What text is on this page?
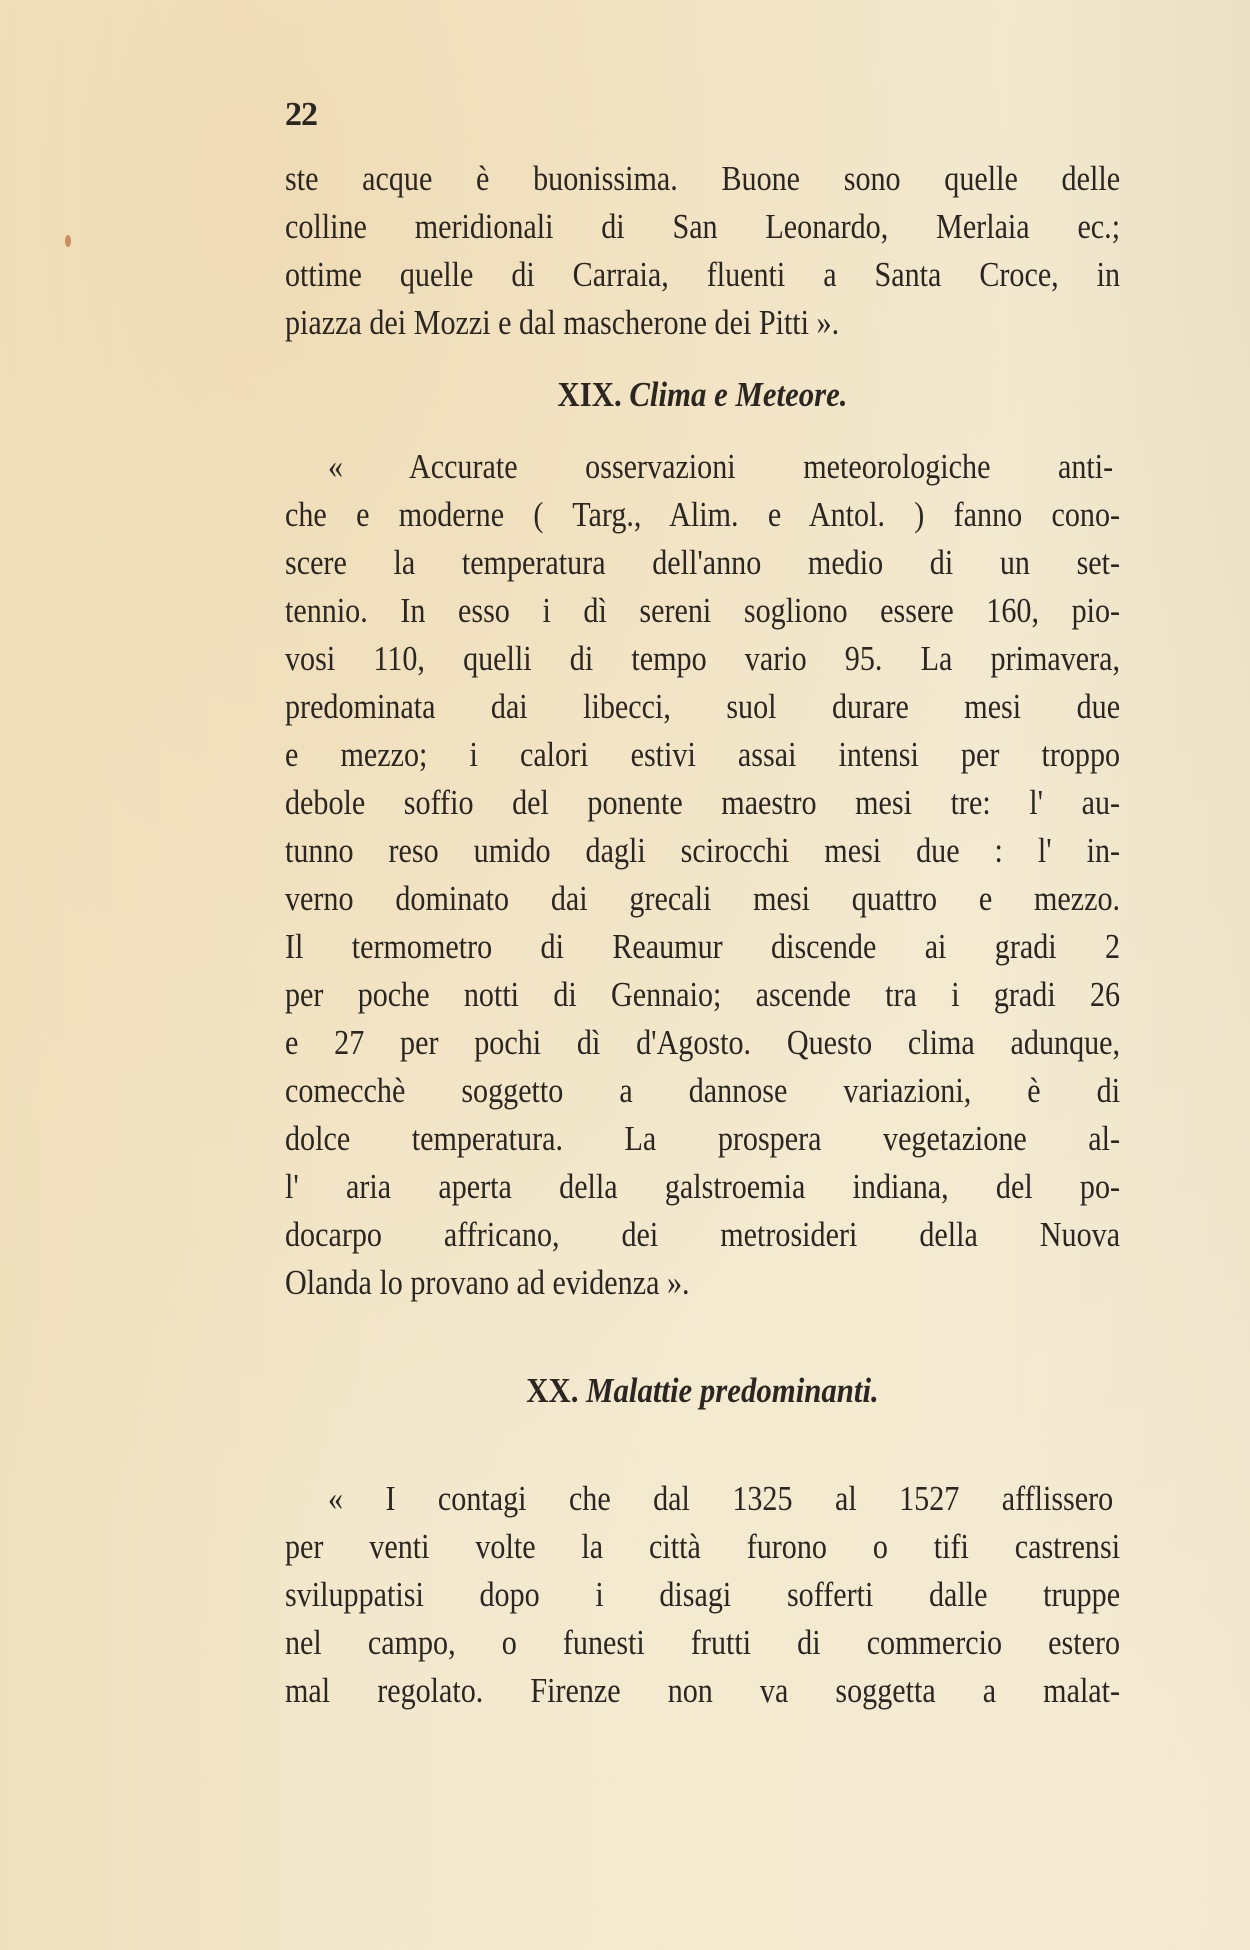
22
ste acque è buonissima. Buone sono quelle delle
colline meridionali di San Leonardo, Merlaia ec.;
ottime quelle di Carraia, fluenti a Santa Croce, in
piazza dei Mozzi e dal mascherone dei Pitti ».
XIX. Clima e Meteore.
« Accurate osservazioni meteorologiche anti-
che e moderne ( Targ., Alim. e Antol. ) fanno cono-
scere la temperatura dell'anno medio di un set-
tennio. In esso i dì sereni sogliono essere 160, pio-
vosi 110, quelli di tempo vario 95. La primavera,
predominata dai libecci, suol durare mesi due
e mezzo; i calori estivi assai intensi per troppo
debole soffio del ponente maestro mesi tre: l' au-
tunno reso umido dagli scirocchi mesi due : l' in-
verno dominato dai grecali mesi quattro e mezzo.
Il termometro di Reaumur discende ai gradi 2
per poche notti di Gennaio; ascende tra i gradi 26
e 27 per pochi dì d'Agosto. Questo clima adunque,
comecchè soggetto a dannose variazioni, è di
dolce temperatura. La prospera vegetazione al-
l' aria aperta della galstroemia indiana, del po-
docarpo affricano, dei metrosideri della Nuova
Olanda lo provano ad evidenza ».
XX. Malattie predominanti.
« I contagi che dal 1325 al 1527 afflissero
per venti volte la città furono o tifi castrensi
sviluppatisi dopo i disagi sofferti dalle truppe
nel campo, o funesti frutti di commercio estero
mal regolato. Firenze non va soggetta a malat-
